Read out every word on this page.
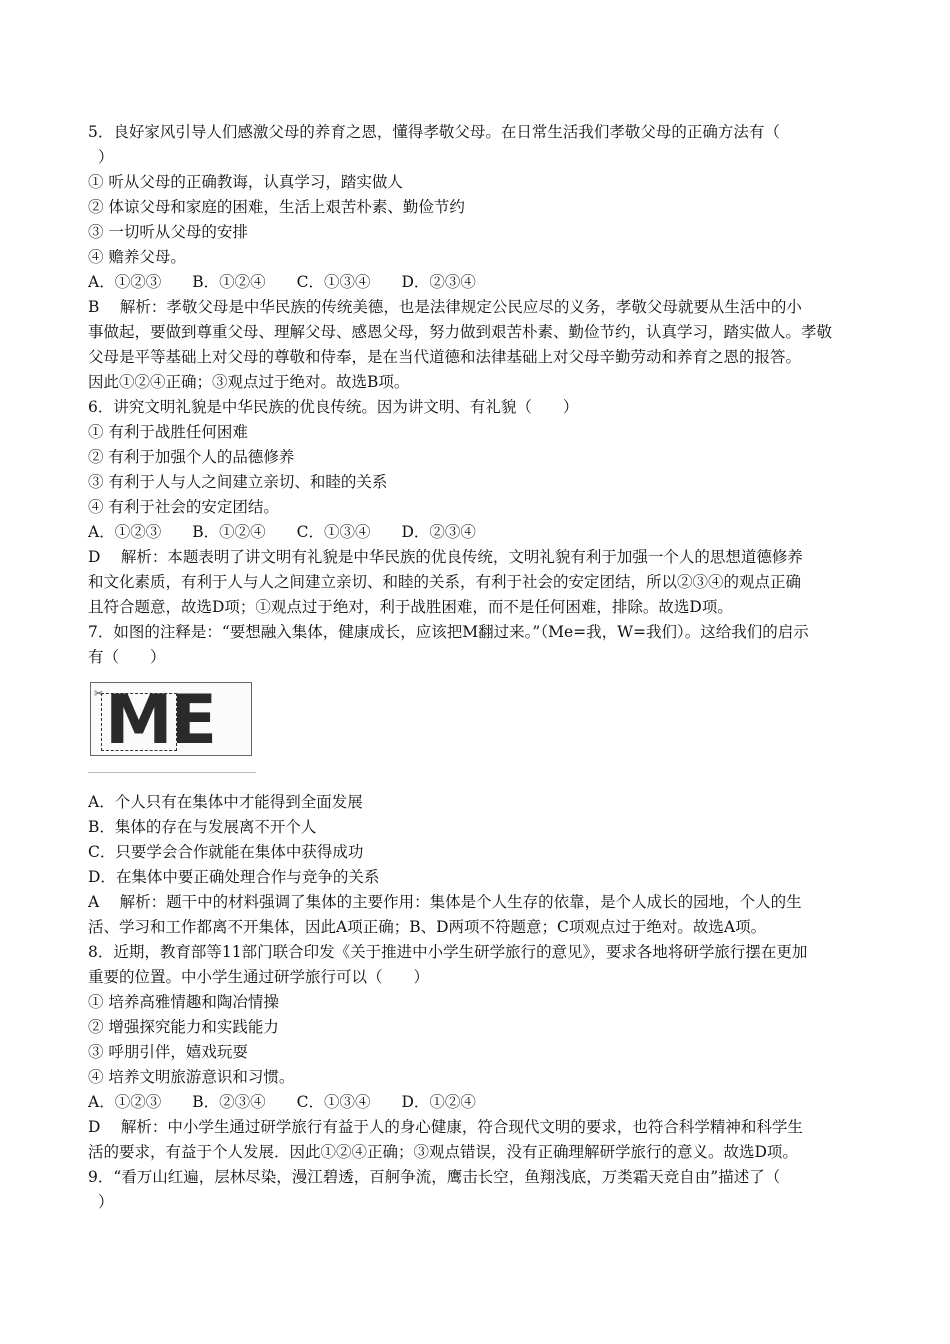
5．良好家风引导人们感激父母的养育之恩，懂得孝敬父母。在日常生活我们孝敬父母的正确方法有（
）
① 听从父母的正确教诲，认真学习，踏实做人
② 体谅父母和家庭的困难，生活上艰苦朴素、勤俭节约
③ 一切听从父母的安排
④ 赡养父母。
A．①②③　　B．①②④　　C．①③④　　D．②③④
B　 解析：孝敬父母是中华民族的传统美德，也是法律规定公民应尽的义务，孝敬父母就要从生活中的小
事做起，要做到尊重父母、理解父母、感恩父母，努力做到艰苦朴素、勤俭节约，认真学习，踏实做人。孝敬
父母是平等基础上对父母的尊敬和侍奉，是在当代道德和法律基础上对父母辛勤劳动和养育之恩的报答。
因此①②④正确；③观点过于绝对。故选B项。
6．讲究文明礼貌是中华民族的优良传统。因为讲文明、有礼貌（　　）
① 有利于战胜任何困难
② 有利于加强个人的品德修养
③ 有利于人与人之间建立亲切、和睦的关系
④ 有利于社会的安定团结。
A．①②③　　B．①②④　　C．①③④　　D．②③④
D　 解析：本题表明了讲文明有礼貌是中华民族的优良传统，文明礼貌有利于加强一个人的思想道德修养
和文化素质，有利于人与人之间建立亲切、和睦的关系，有利于社会的安定团结，所以②③④的观点正确
且符合题意，故选D项；①观点过于绝对，利于战胜困难，而不是任何困难，排除。故选D项。
7．如图的注释是：“要想融入集体，健康成长，应该把M翻过来。”（Me=我，W=我们）。这给我们的启示
有（　　）
✂ ME
A．个人只有在集体中才能得到全面发展
B．集体的存在与发展离不开个人
C．只要学会合作就能在集体中获得成功
D．在集体中要正确处理合作与竞争的关系
A　 解析：题干中的材料强调了集体的主要作用：集体是个人生存的依靠，是个人成长的园地，个人的生
活、学习和工作都离不开集体，因此A项正确；B、D两项不符题意；C项观点过于绝对。故选A项。
8．近期，教育部等11部门联合印发《关于推进中小学生研学旅行的意见》，要求各地将研学旅行摆在更加
重要的位置。中小学生通过研学旅行可以（　　）
① 培养高雅情趣和陶冶情操
② 增强探究能力和实践能力
③ 呼朋引伴，嬉戏玩耍
④ 培养文明旅游意识和习惯。
A．①②③　　B．②③④　　C．①③④　　D．①②④
D　 解析：中小学生通过研学旅行有益于人的身心健康，符合现代文明的要求，也符合科学精神和科学生
活的要求，有益于个人发展．因此①②④正确；③观点错误，没有正确理解研学旅行的意义。故选D项。
9．“看万山红遍，层林尽染，漫江碧透，百舸争流，鹰击长空，鱼翔浅底，万类霜天竞自由”描述了（
）
